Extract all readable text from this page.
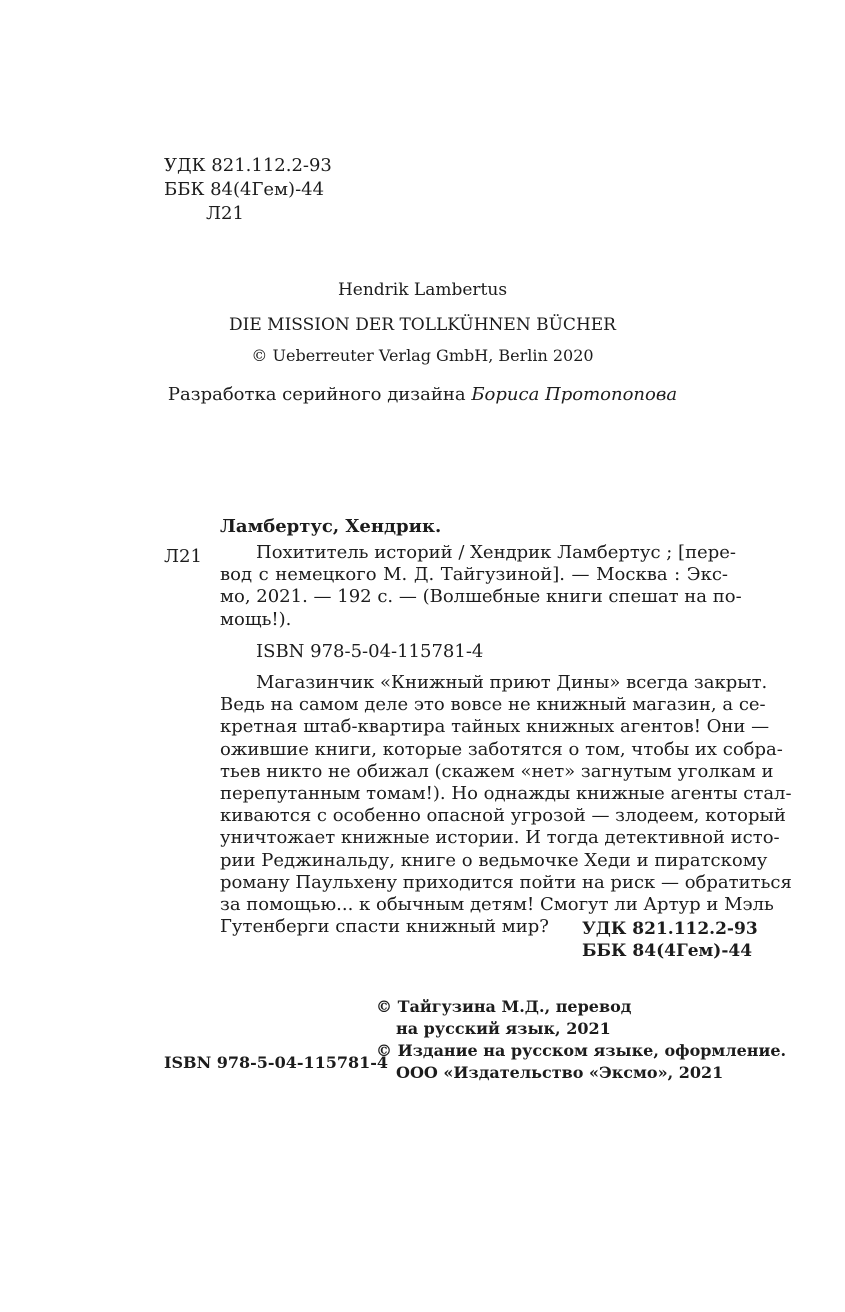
УДК 821.112.2-93
ББК 84(4Гем)-44
Л21
Hendrik Lambertus
DIE MISSION DER TOLLKÜHNEN BÜCHER
© Ueberreuter Verlag GmbH, Berlin 2020
Разработка серийного дизайна Бориса Протопопова
Ламбертус, Хендрик.
Л21	Похититель историй / Хендрик Ламбертус ; [пере-
вод с немецкого М. Д. Тайгузиной]. — Москва : Экс-
мо, 2021. — 192 с. — (Волшебные книги спешат на по-
мощь!).
ISBN 978-5-04-115781-4
Магазинчик «Книжный приют Дины» всегда закрыт.
Ведь на самом деле это вовсе не книжный магазин, а се-
кретная штаб-квартира тайных книжных агентов! Они —
ожившие книги, которые заботятся о том, чтобы их собра-
тьев никто не обижал (скажем «нет» загнутым уголкам и
перепутанным томам!). Но однажды книжные агенты стал-
киваются с особенно опасной угрозой — злодеем, который
уничтожает книжные истории. И тогда детективной исто-
рии Реджинальду, книге о ведьмочке Хеди и пиратскому
роману Паульхену приходится пойти на риск — обратиться
за помощью... к обычным детям! Смогут ли Артур и Мэль
Гутенберги спасти книжный мир?	УДК 821.112.2-93
ББК 84(4Гем)-44
© Тайгузина М.Д., перевод
на русский язык, 2021
© Издание на русском языке, оформление.
ООО «Издательство «Эксмо», 2021
ISBN 978-5-04-115781-4
